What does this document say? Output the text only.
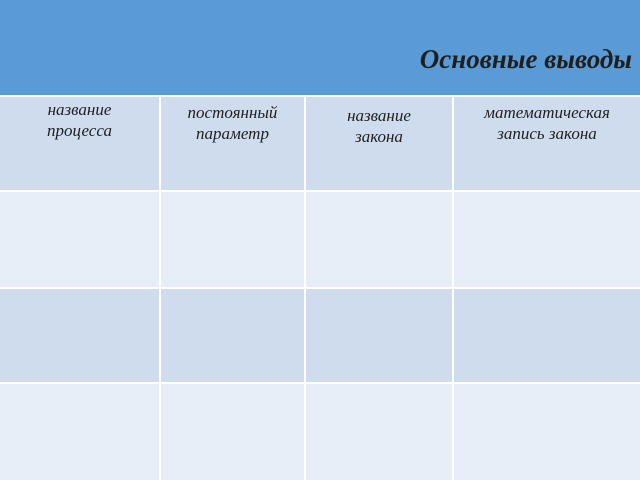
Основные выводы
название
процесса
постоянный
параметр
название
закона
математическая
запись закона
